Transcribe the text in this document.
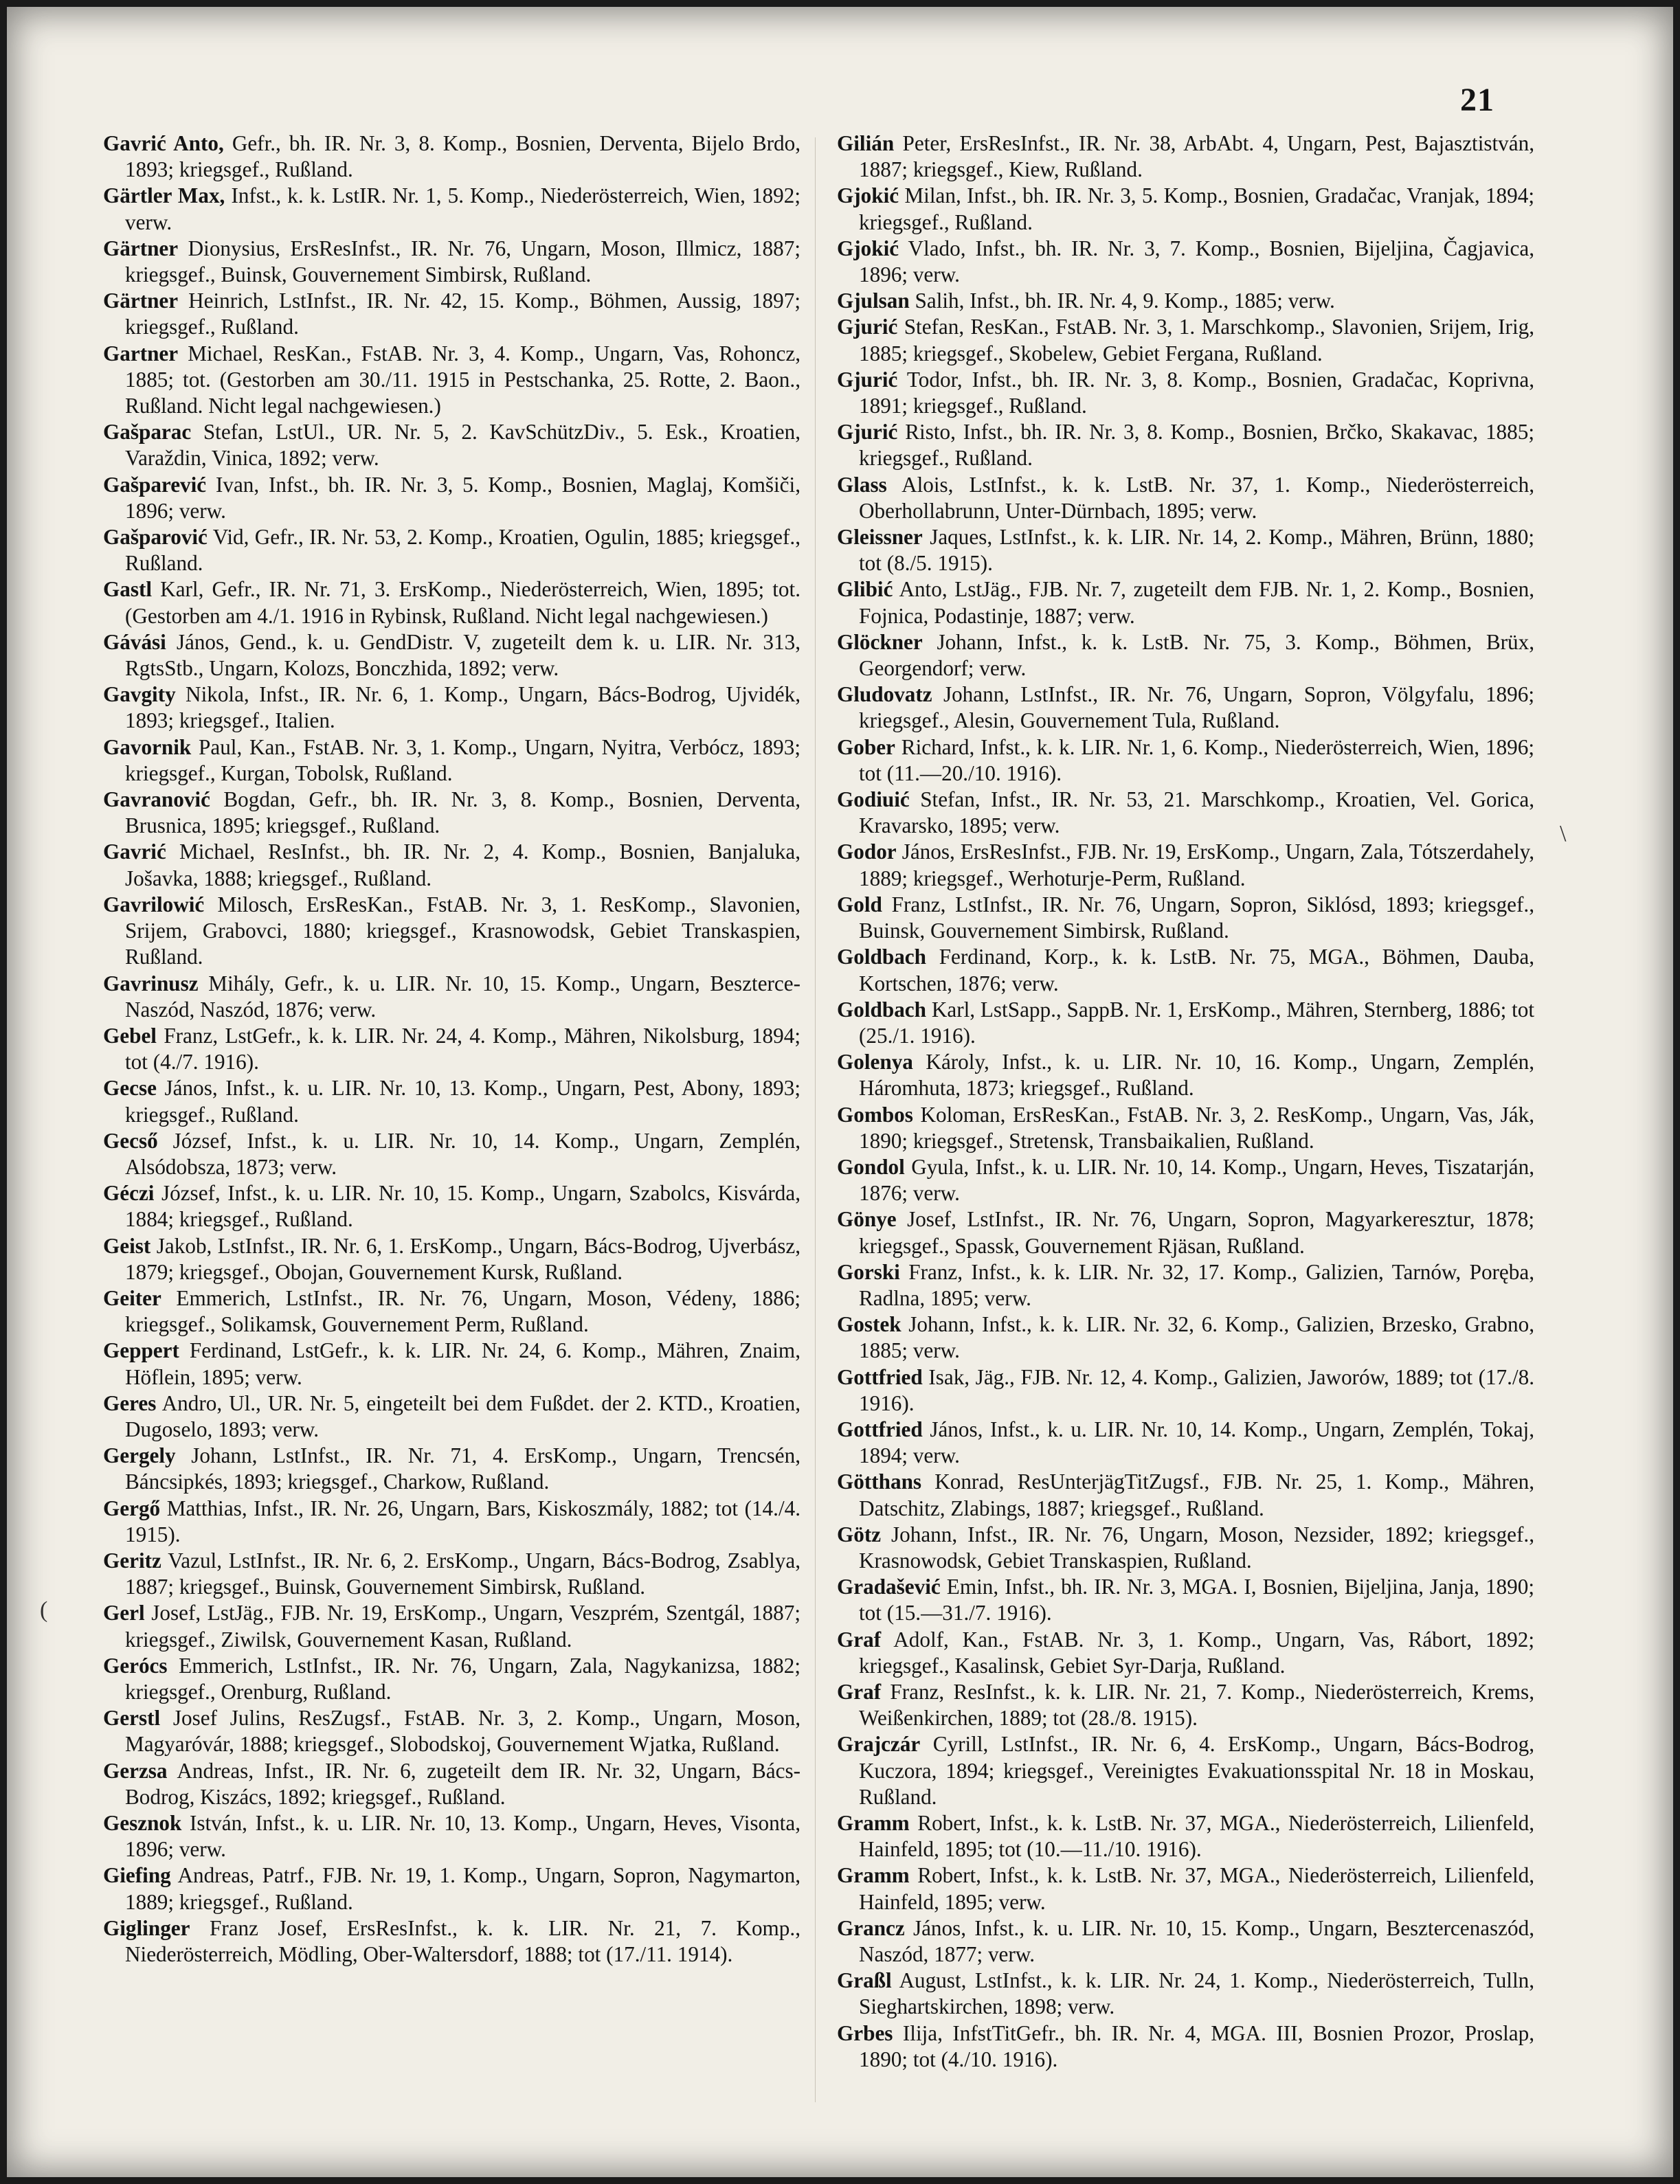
21

Gavrić Anto, Gefr., bh. IR. Nr. 3, 8. Komp., Bosnien, Derventa, Bijelo Brdo, 1893; kriegsgef., Rußland.

Gärtler Max, Infst., k. k. LstIR. Nr. 1, 5. Komp., Niederösterreich, Wien, 1892; verw.

Gärtner Dionysius, ErsResInfst., IR. Nr. 76, Ungarn, Moson, Illmicz, 1887; kriegsgef., Buinsk, Gouvernement Simbirsk, Rußland.

Gärtner Heinrich, LstInfst., IR. Nr. 42, 15. Komp., Böhmen, Aussig, 1897; kriegsgef., Rußland.

Gartner Michael, ResKan., FstAB. Nr. 3, 4. Komp., Ungarn, Vas, Rohoncz, 1885; tot. (Gestorben am 30./11. 1915 in Pestschanka, 25. Rotte, 2. Baon., Rußland. Nicht legal nachgewiesen.)

Gašparac Stefan, LstUl., UR. Nr. 5, 2. KavSchützDiv., 5. Esk., Kroatien, Varaždin, Vinica, 1892; verw.

Gašparević Ivan, Infst., bh. IR. Nr. 3, 5. Komp., Bosnien, Maglaj, Komšiči, 1896; verw.

Gašparović Vid, Gefr., IR. Nr. 53, 2. Komp., Kroatien, Ogulin, 1885; kriegsgef., Rußland.

Gastl Karl, Gefr., IR. Nr. 71, 3. ErsKomp., Niederösterreich, Wien, 1895; tot. (Gestorben am 4./1. 1916 in Rybinsk, Rußland. Nicht legal nachgewiesen.)

Gávási János, Gend., k. u. GendDistr. V, zugeteilt dem k. u. LIR. Nr. 313, RgtsStb., Ungarn, Kolozs, Bonczhida, 1892; verw.

Gavgity Nikola, Infst., IR. Nr. 6, 1. Komp., Ungarn, Bács-Bodrog, Ujvidék, 1893; kriegsgef., Italien.

Gavornik Paul, Kan., FstAB. Nr. 3, 1. Komp., Ungarn, Nyitra, Verbócz, 1893; kriegsgef., Kurgan, Tobolsk, Rußland.

Gavranović Bogdan, Gefr., bh. IR. Nr. 3, 8. Komp., Bosnien, Derventa, Brusnica, 1895; kriegsgef., Rußland.

Gavrić Michael, ResInfst., bh. IR. Nr. 2, 4. Komp., Bosnien, Banjaluka, Jošavka, 1888; kriegsgef., Rußland.

Gavrilowić Milosch, ErsResKan., FstAB. Nr. 3, 1. ResKomp., Slavonien, Srijem, Grabovci, 1880; kriegsgef., Krasnowodsk, Gebiet Transkaspien, Rußland.

Gavrinusz Mihály, Gefr., k. u. LIR. Nr. 10, 15. Komp., Ungarn, Beszterce-Naszód, Naszód, 1876; verw.

Gebel Franz, LstGefr., k. k. LIR. Nr. 24, 4. Komp., Mähren, Nikolsburg, 1894; tot (4./7. 1916).

Gecse János, Infst., k. u. LIR. Nr. 10, 13. Komp., Ungarn, Pest, Abony, 1893; kriegsgef., Rußland.

Gecső József, Infst., k. u. LIR. Nr. 10, 14. Komp., Ungarn, Zemplén, Alsódobsza, 1873; verw.

Géczi József, Infst., k. u. LIR. Nr. 10, 15. Komp., Ungarn, Szabolcs, Kisvárda, 1884; kriegsgef., Rußland.

Geist Jakob, LstInfst., IR. Nr. 6, 1. ErsKomp., Ungarn, Bács-Bodrog, Ujverbász, 1879; kriegsgef., Obojan, Gouvernement Kursk, Rußland.

Geiter Emmerich, LstInfst., IR. Nr. 76, Ungarn, Moson, Védeny, 1886; kriegsgef., Solikamsk, Gouvernement Perm, Rußland.

Geppert Ferdinand, LstGefr., k. k. LIR. Nr. 24, 6. Komp., Mähren, Znaim, Höflein, 1895; verw.

Geres Andro, Ul., UR. Nr. 5, eingeteilt bei dem Fußdet. der 2. KTD., Kroatien, Dugoselo, 1893; verw.

Gergely Johann, LstInfst., IR. Nr. 71, 4. ErsKomp., Ungarn, Trencsén, Báncsipkés, 1893; kriegsgef., Charkow, Rußland.

Gergő Matthias, Infst., IR. Nr. 26, Ungarn, Bars, Kiskoszmály, 1882; tot (14./4. 1915).

Geritz Vazul, LstInfst., IR. Nr. 6, 2. ErsKomp., Ungarn, Bács-Bodrog, Zsablya, 1887; kriegsgef., Buinsk, Gouvernement Simbirsk, Rußland.

Gerl Josef, LstJäg., FJB. Nr. 19, ErsKomp., Ungarn, Veszprém, Szentgál, 1887; kriegsgef., Ziwilsk, Gouvernement Kasan, Rußland.

Gerócs Emmerich, LstInfst., IR. Nr. 76, Ungarn, Zala, Nagykanizsa, 1882; kriegsgef., Orenburg, Rußland.

Gerstl Josef Julins, ResZugsf., FstAB. Nr. 3, 2. Komp., Ungarn, Moson, Magyaróvár, 1888; kriegsgef., Slobodskoj, Gouvernement Wjatka, Rußland.

Gerzsa Andreas, Infst., IR. Nr. 6, zugeteilt dem IR. Nr. 32, Ungarn, Bács-Bodrog, Kiszács, 1892; kriegsgef., Rußland.

Gesznok István, Infst., k. u. LIR. Nr. 10, 13. Komp., Ungarn, Heves, Visonta, 1896; verw.

Giefing Andreas, Patrf., FJB. Nr. 19, 1. Komp., Ungarn, Sopron, Nagymarton, 1889; kriegsgef., Rußland.

Giglinger Franz Josef, ErsResInfst., k. k. LIR. Nr. 21, 7. Komp., Niederösterreich, Mödling, Ober-Waltersdorf, 1888; tot (17./11. 1914).

Gilián Peter, ErsResInfst., IR. Nr. 38, ArbAbt. 4, Ungarn, Pest, Bajasztistván, 1887; kriegsgef., Kiew, Rußland.

Gjokić Milan, Infst., bh. IR. Nr. 3, 5. Komp., Bosnien, Gradačac, Vranjak, 1894; kriegsgef., Rußland.

Gjokić Vlado, Infst., bh. IR. Nr. 3, 7. Komp., Bosnien, Bijeljina, Čagjavica, 1896; verw.

Gjulsan Salih, Infst., bh. IR. Nr. 4, 9. Komp., 1885; verw.

Gjurić Stefan, ResKan., FstAB. Nr. 3, 1. Marschkomp., Slavonien, Srijem, Irig, 1885; kriegsgef., Skobelew, Gebiet Fergana, Rußland.

Gjurić Todor, Infst., bh. IR. Nr. 3, 8. Komp., Bosnien, Gradačac, Koprivna, 1891; kriegsgef., Rußland.

Gjurić Risto, Infst., bh. IR. Nr. 3, 8. Komp., Bosnien, Brčko, Skakavac, 1885; kriegsgef., Rußland.

Glass Alois, LstInfst., k. k. LstB. Nr. 37, 1. Komp., Niederösterreich, Oberhollabrunn, Unter-Dürnbach, 1895; verw.

Gleissner Jaques, LstInfst., k. k. LIR. Nr. 14, 2. Komp., Mähren, Brünn, 1880; tot (8./5. 1915).

Glibić Anto, LstJäg., FJB. Nr. 7, zugeteilt dem FJB. Nr. 1, 2. Komp., Bosnien, Fojnica, Podastinje, 1887; verw.

Glöckner Johann, Infst., k. k. LstB. Nr. 75, 3. Komp., Böhmen, Brüx, Georgendorf; verw.

Gludovatz Johann, LstInfst., IR. Nr. 76, Ungarn, Sopron, Völgyfalu, 1896; kriegsgef., Alesin, Gouvernement Tula, Rußland.

Gober Richard, Infst., k. k. LIR. Nr. 1, 6. Komp., Niederösterreich, Wien, 1896; tot (11.—20./10. 1916).

Godiuić Stefan, Infst., IR. Nr. 53, 21. Marschkomp., Kroatien, Vel. Gorica, Kravarsko, 1895; verw.

Godor János, ErsResInfst., FJB. Nr. 19, ErsKomp., Ungarn, Zala, Tótszerdahely, 1889; kriegsgef., Werhoturje-Perm, Rußland.

Gold Franz, LstInfst., IR. Nr. 76, Ungarn, Sopron, Siklósd, 1893; kriegsgef., Buinsk, Gouvernement Simbirsk, Rußland.

Goldbach Ferdinand, Korp., k. k. LstB. Nr. 75, MGA., Böhmen, Dauba, Kortschen, 1876; verw.

Goldbach Karl, LstSapp., SappB. Nr. 1, ErsKomp., Mähren, Sternberg, 1886; tot (25./1. 1916).

Golenya Károly, Infst., k. u. LIR. Nr. 10, 16. Komp., Ungarn, Zemplén, Háromhuta, 1873; kriegsgef., Rußland.

Gombos Koloman, ErsResKan., FstAB. Nr. 3, 2. ResKomp., Ungarn, Vas, Ják, 1890; kriegsgef., Stretensk, Transbaikalien, Rußland.

Gondol Gyula, Infst., k. u. LIR. Nr. 10, 14. Komp., Ungarn, Heves, Tiszatarján, 1876; verw.

Gönye Josef, LstInfst., IR. Nr. 76, Ungarn, Sopron, Magyarkeresztur, 1878; kriegsgef., Spassk, Gouvernement Rjäsan, Rußland.

Gorski Franz, Infst., k. k. LIR. Nr. 32, 17. Komp., Galizien, Tarnów, Poręba, Radlna, 1895; verw.

Gostek Johann, Infst., k. k. LIR. Nr. 32, 6. Komp., Galizien, Brzesko, Grabno, 1885; verw.

Gottfried Isak, Jäg., FJB. Nr. 12, 4. Komp., Galizien, Jaworów, 1889; tot (17./8. 1916).

Gottfried János, Infst., k. u. LIR. Nr. 10, 14. Komp., Ungarn, Zemplén, Tokaj, 1894; verw.

Götthans Konrad, ResUnterjägTitZugsf., FJB. Nr. 25, 1. Komp., Mähren, Datschitz, Zlabings, 1887; kriegsgef., Rußland.

Götz Johann, Infst., IR. Nr. 76, Ungarn, Moson, Nezsider, 1892; kriegsgef., Krasnowodsk, Gebiet Transkaspien, Rußland.

Gradašević Emin, Infst., bh. IR. Nr. 3, MGA. I, Bosnien, Bijeljina, Janja, 1890; tot (15.—31./7. 1916).

Graf Adolf, Kan., FstAB. Nr. 3, 1. Komp., Ungarn, Vas, Rábort, 1892; kriegsgef., Kasalinsk, Gebiet Syr-Darja, Rußland.

Graf Franz, ResInfst., k. k. LIR. Nr. 21, 7. Komp., Niederösterreich, Krems, Weißenkirchen, 1889; tot (28./8. 1915).

Grajczár Cyrill, LstInfst., IR. Nr. 6, 4. ErsKomp., Ungarn, Bács-Bodrog, Kuczora, 1894; kriegsgef., Vereinigtes Evakuationsspital Nr. 18 in Moskau, Rußland.

Gramm Robert, Infst., k. k. LstB. Nr. 37, MGA., Niederösterreich, Lilienfeld, Hainfeld, 1895; tot (10.—11./10. 1916).

Gramm Robert, Infst., k. k. LstB. Nr. 37, MGA., Niederösterreich, Lilienfeld, Hainfeld, 1895; verw.

Grancz János, Infst., k. u. LIR. Nr. 10, 15. Komp., Ungarn, Besztercenaszód, Naszód, 1877; verw.

Graßl August, LstInfst., k. k. LIR. Nr. 24, 1. Komp., Niederösterreich, Tulln, Sieghartskirchen, 1898; verw.

Grbes Ilija, InfstTitGefr., bh. IR. Nr. 4, MGA. III, Bosnien Prozor, Proslap, 1890; tot (4./10. 1916).

(
\
